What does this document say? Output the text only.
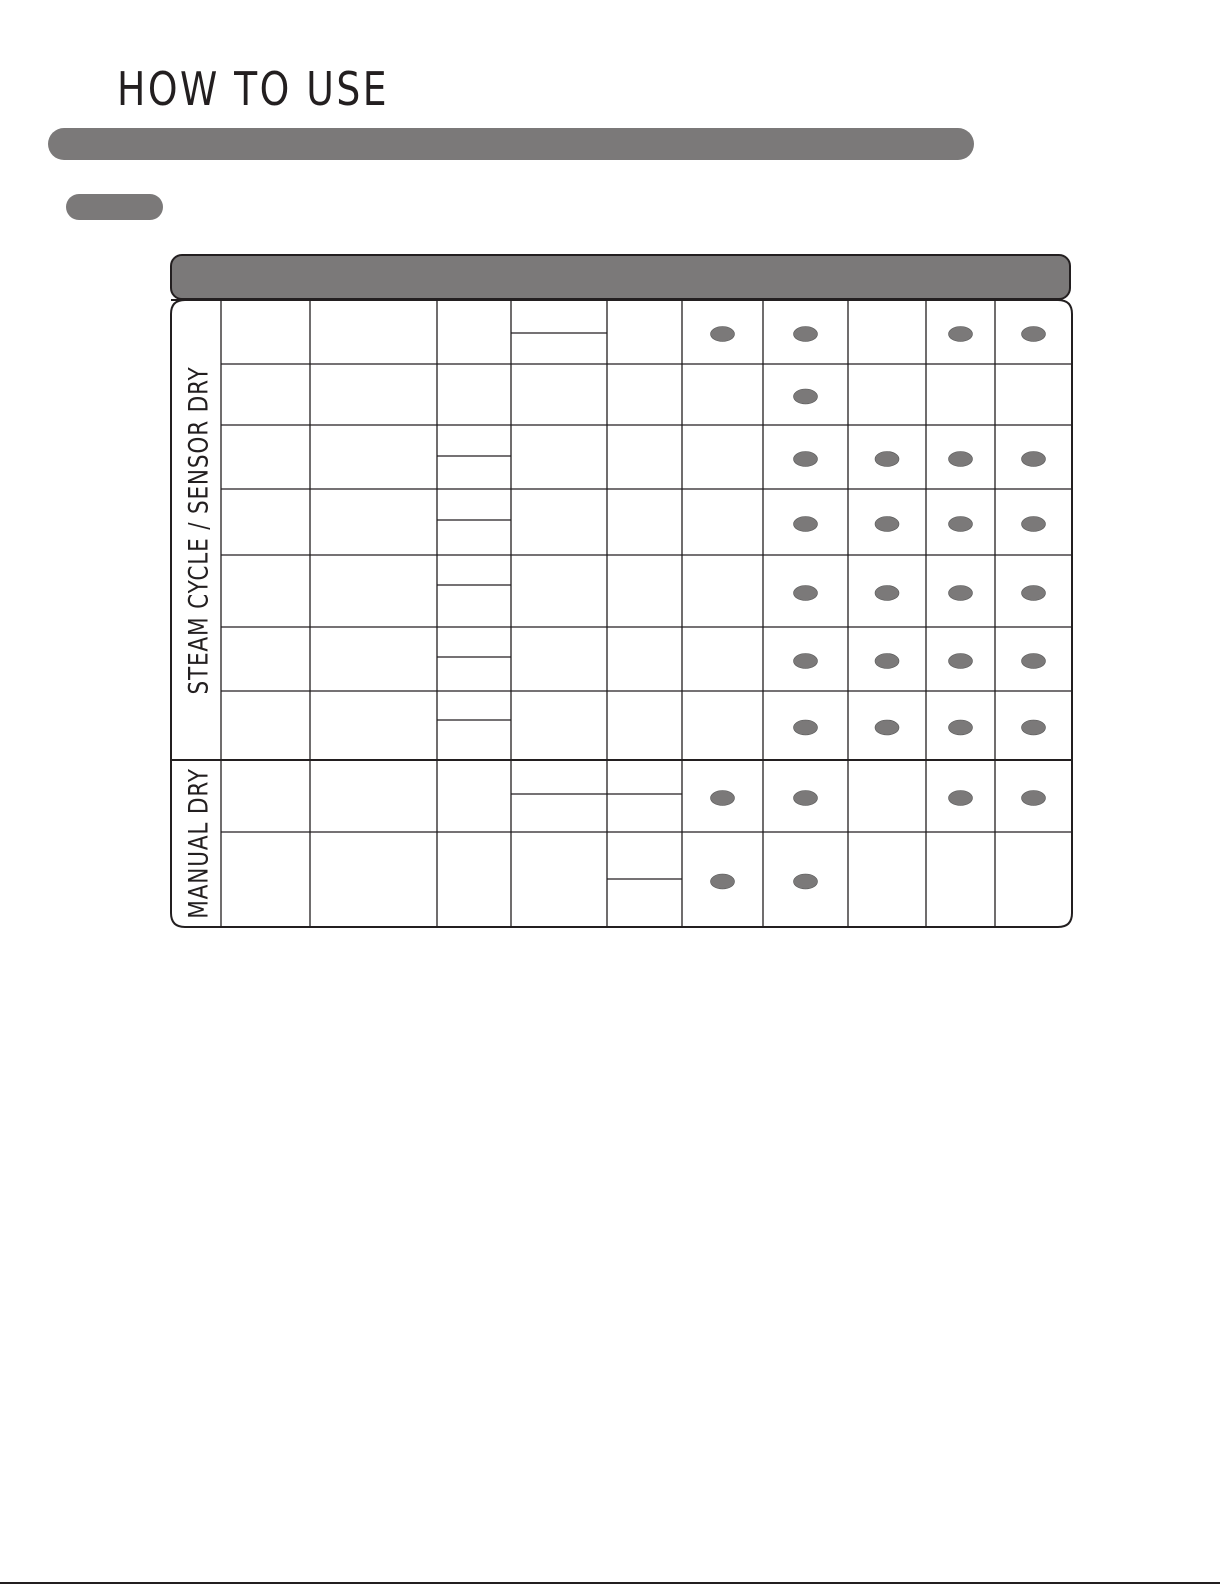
HOW TO USE
STEAM CYCLE / SENSOR DRY
MANUAL DRY
